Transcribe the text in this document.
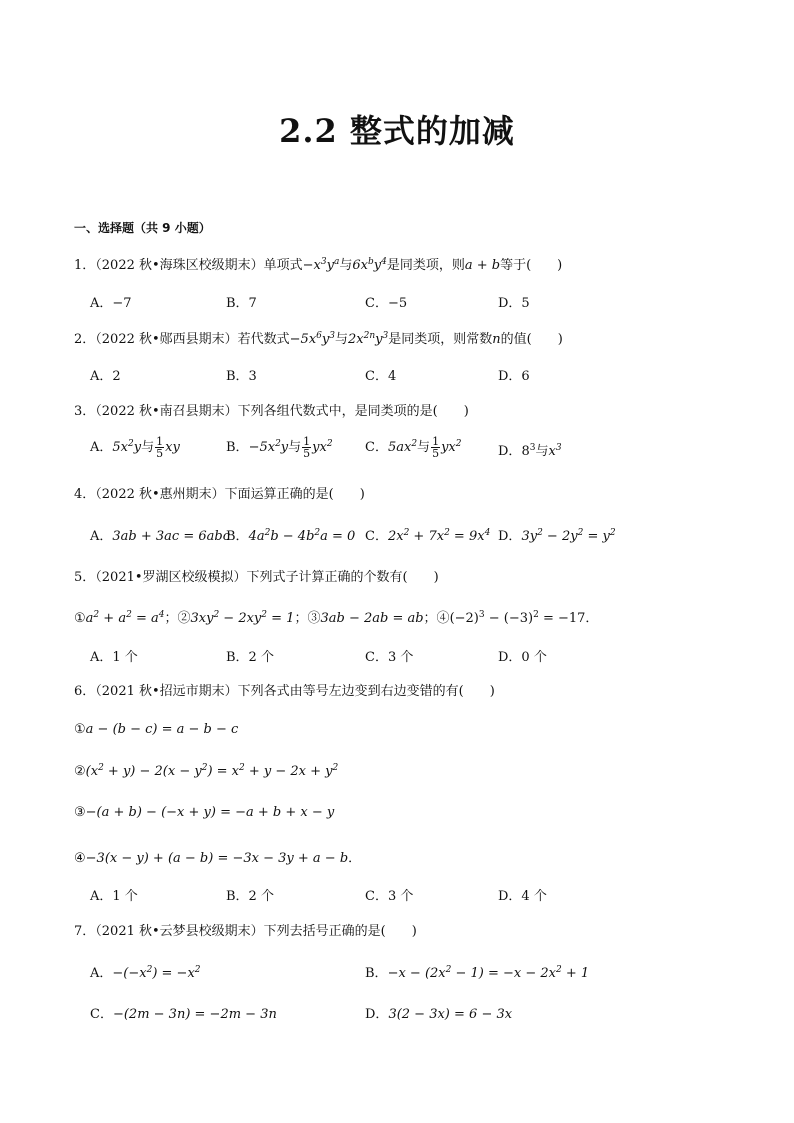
2.2 整式的加减
一、选择题（共 9 小题）
1．（2022 秋•海珠区校级期末）单项式$-x^3y^a$与$6x^by^4$是同类项，则a + b等于(　　)
A．−7	B．7	C．−5	D．5
2．（2022 秋•郧西县期末）若代数式$-5x^6y^3$与$2x^{2n}y^3$是同类项，则常数n的值(　　)
A．2	B．3	C．4	D．6
3．（2022 秋•南召县期末）下列各组代数式中，是同类项的是(　　)
A．$5x^2y$与 $\frac{1}{5}$ xy	B．$-5x^2y$与 $\frac{1}{5} yx^2$ C．$5ax^2$与 $\frac{1}{5} yx^2$	D．$8^3$与$x^3$
4．（2022 秋•惠州期末）下面运算正确的是(　　)
A．3ab + 3ac = 6abc
B．$4a^2b - 4b^2a = 0$ C．$2x^2 + 7x^2 = 9x^4$ D．$3y^2 - 2y^2 = y^2$
5．（2021•罗湖区校级模拟）下列式子计算正确的个数有(　　)
$①a^2 + a^2 = a^4$；$②3xy^2 - 2xy^2 = 1$；③3ab − 2ab = ab；$④(-2)^3 - (-3)^2 = -17$．
A．1 个	B．2 个	C．3 个	D．0 个
6．（2021 秋•招远市期末）下列各式由等号左边变到右边变错的有(　　)
①a − (b − c) = a − b − c
$②(x^2 + y) - 2(x - y^2) = x^2 + y - 2x + y^2$
③−(a + b) − (−x + y) = −a + b + x − y
④−3(x − y) + (a − b) = −3x − 3y + a − b．
A．1 个	B．2 个	C．3 个	D．4 个
7．（2021 秋•云梦县校级期末）下列去括号正确的是(　　)
A．$-(-x^2) = -x^2$	B．$-x - (2x^2 - 1) = -x - 2x^2 + 1$
C．−(2m − 3n) = −2m − 3n	D．3(2 − 3x) = 6 − 3x
